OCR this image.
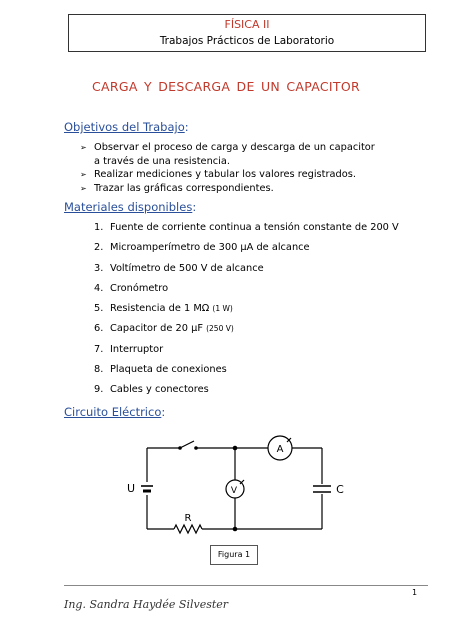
FÍSICA II
Trabajos Prácticos de Laboratorio
CARGA Y DESCARGA DE UN CAPACITOR
Objetivos del Trabajo:
➢ Observar el proceso de carga y descarga de un capacitor
a través de una resistencia.
➢ Realizar mediciones y tabular los valores registrados.
➢ Trazar las gráficas correspondientes.
Materiales disponibles:
1. Fuente de corriente continua a tensión constante de 200 V
2. Microamperímetro de 300 μA de alcance
3. Voltímetro de 500 V de alcance
4. Cronómetro
5. Resistencia de 1 MΩ (1 W)
6. Capacitor de 20 μF (250 V)
7. Interruptor
8. Plaqueta de conexiones
9. Cables y conectores
Circuito Eléctrico:
A
V
U	C
R
Figura 1
1
Ing. Sandra Haydée Silvester
